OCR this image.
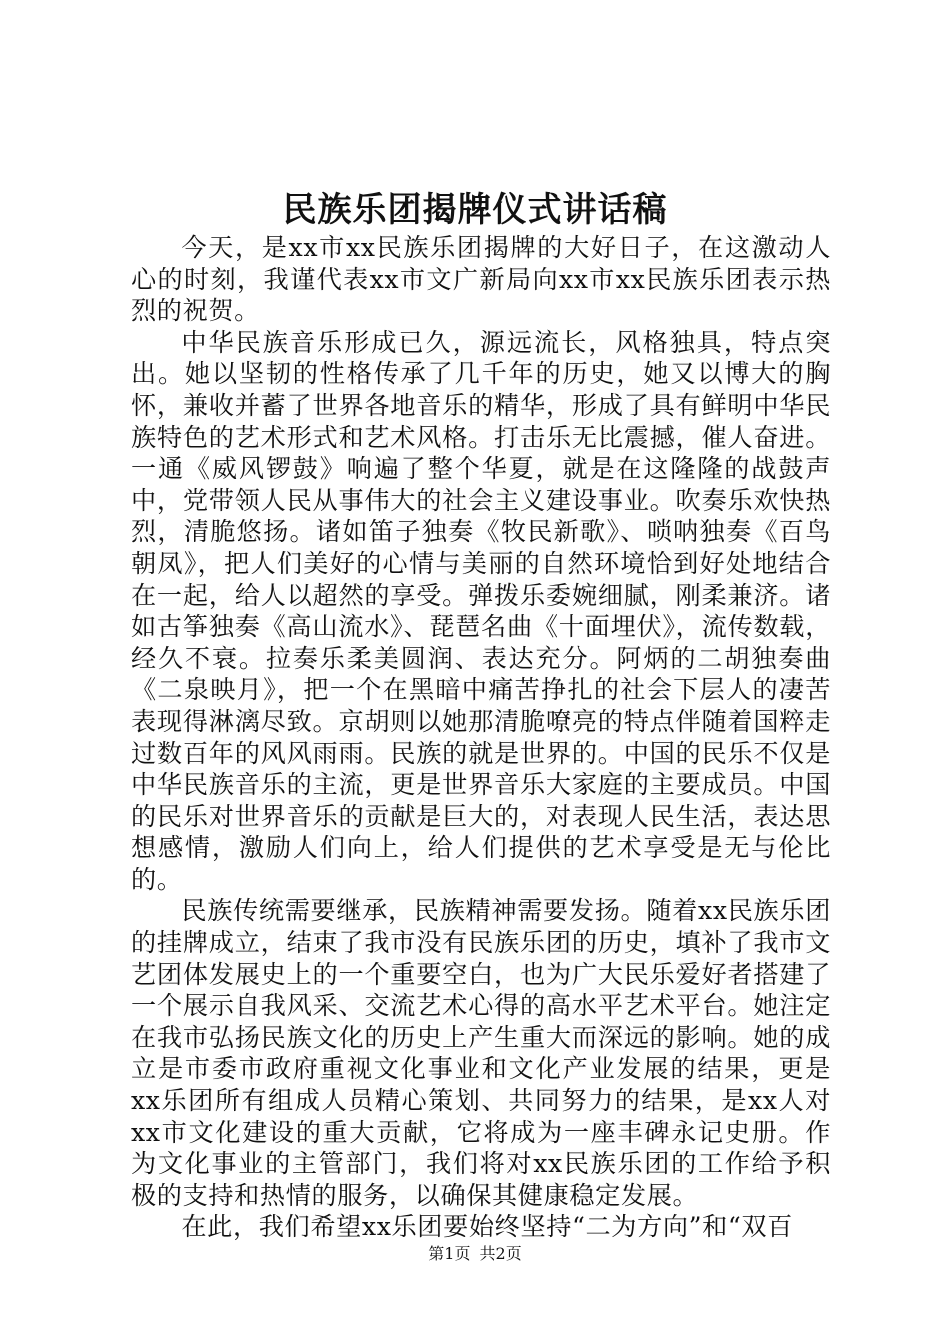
民族乐团揭牌仪式讲话稿

今天，是xx市xx民族乐团揭牌的大好日子，在这激动人心的时刻，我谨代表xx市文广新局向xx市xx民族乐团表示热烈的祝贺。

中华民族音乐形成已久，源远流长，风格独具，特点突出。她以坚韧的性格传承了几千年的历史，她又以博大的胸怀，兼收并蓄了世界各地音乐的精华，形成了具有鲜明中华民族特色的艺术形式和艺术风格。打击乐无比震撼，催人奋进。一通《威风锣鼓》响遍了整个华夏，就是在这隆隆的战鼓声中，党带领人民从事伟大的社会主义建设事业。吹奏乐欢快热烈，清脆悠扬。诸如笛子独奏《牧民新歌》、唢呐独奏《百鸟朝凤》，把人们美好的心情与美丽的自然环境恰到好处地结合在一起，给人以超然的享受。弹拨乐委婉细腻，刚柔兼济。诸如古筝独奏《高山流水》、琵琶名曲《十面埋伏》，流传数载，经久不衰。拉奏乐柔美圆润、表达充分。阿炳的二胡独奏曲《二泉映月》，把一个在黑暗中痛苦挣扎的社会下层人的凄苦表现得淋漓尽致。京胡则以她那清脆嘹亮的特点伴随着国粹走过数百年的风风雨雨。民族的就是世界的。中国的民乐不仅是中华民族音乐的主流，更是世界音乐大家庭的主要成员。中国的民乐对世界音乐的贡献是巨大的，对表现人民生活，表达思想感情，激励人们向上，给人们提供的艺术享受是无与伦比的。

民族传统需要继承，民族精神需要发扬。随着xx民族乐团的挂牌成立，结束了我市没有民族乐团的历史，填补了我市文艺团体发展史上的一个重要空白，也为广大民乐爱好者搭建了一个展示自我风采、交流艺术心得的高水平艺术平台。她注定在我市弘扬民族文化的历史上产生重大而深远的影响。她的成立是市委市政府重视文化事业和文化产业发展的结果，更是xx乐团所有组成人员精心策划、共同努力的结果，是xx人对xx市文化建设的重大贡献，它将成为一座丰碑永记史册。作为文化事业的主管部门，我们将对xx民族乐团的工作给予积极的支持和热情的服务，以确保其健康稳定发展。

在此，我们希望xx乐团要始终坚持“二为方向”和“双百

第1页 共2页
